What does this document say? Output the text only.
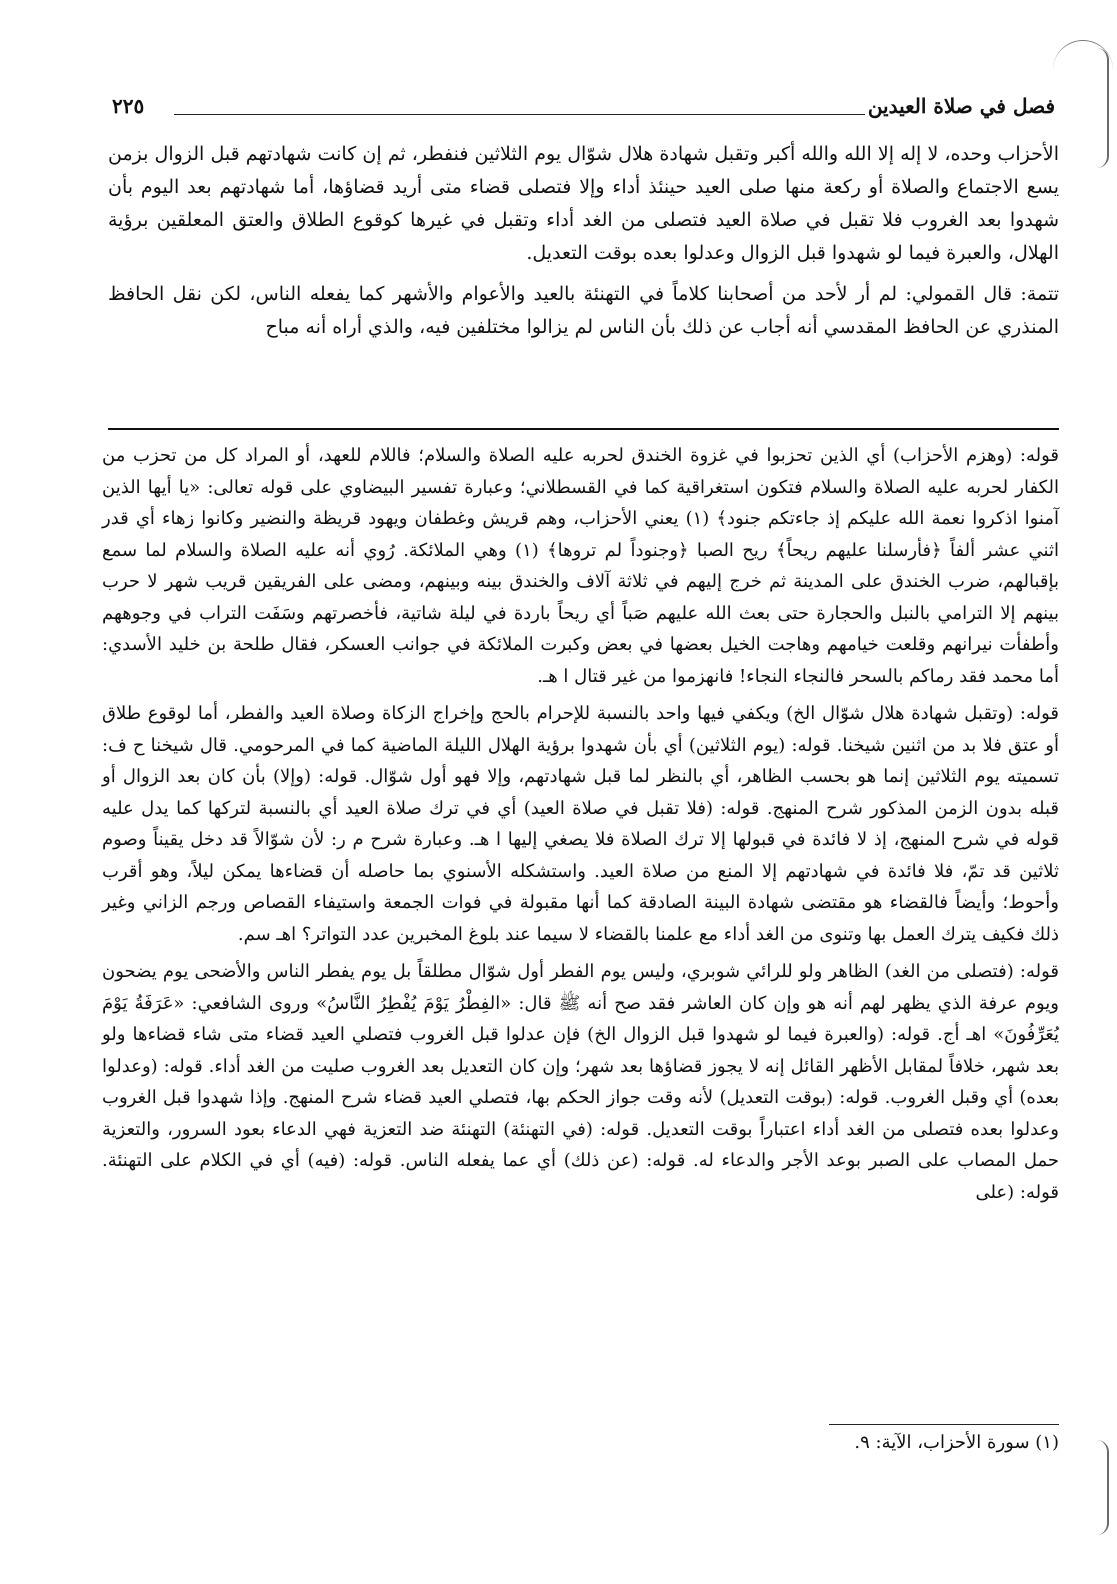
فصل في صلاة العيدين
٢٢٥

الأحزاب وحده، لا إله إلا الله والله أكبر وتقبل شهادة هلال شوّال يوم الثلاثين فنفطر، ثم إن كانت شهادتهم قبل الزوال بزمن يسع الاجتماع والصلاة أو ركعة منها صلى العيد حينئذ أداء وإلا فتصلى قضاء متى أريد قضاؤها، أما شهادتهم بعد اليوم بأن شهدوا بعد الغروب فلا تقبل في صلاة العيد فتصلى من الغد أداء وتقبل في غيرها كوقوع الطلاق والعتق المعلقين برؤية الهلال، والعبرة فيما لو شهدوا قبل الزوال وعدلوا بعده بوقت التعديل.

تتمة: قال القمولي: لم أر لأحد من أصحابنا كلاماً في التهنئة بالعيد والأعوام والأشهر كما يفعله الناس، لكن نقل الحافظ المنذري عن الحافظ المقدسي أنه أجاب عن ذلك بأن الناس لم يزالوا مختلفين فيه، والذي أراه أنه مباح

قوله: (وهزم الأحزاب) أي الذين تحزبوا في غزوة الخندق لحربه عليه الصلاة والسلام؛ فاللام للعهد، أو المراد كل من تحزب من الكفار لحربه عليه الصلاة والسلام فتكون استغراقية كما في القسطلاني؛ وعبارة تفسير البيضاوي على قوله تعالى: «يا أيها الذين آمنوا اذكروا نعمة الله عليكم إذ جاءتكم جنود﴾ (١) يعني الأحزاب، وهم قريش وغطفان ويهود قريظة والنضير وكانوا زهاء أي قدر اثني عشر ألفاً ﴿فأرسلنا عليهم ريحاً﴾ ريح الصبا ﴿وجنوداً لم تروها﴾ (١) وهي الملائكة. رُوي أنه عليه الصلاة والسلام لما سمع بإقبالهم، ضرب الخندق على المدينة ثم خرج إليهم في ثلاثة آلاف والخندق بينه وبينهم، ومضى على الفريقين قريب شهر لا حرب بينهم إلا الترامي بالنبل والحجارة حتى بعث الله عليهم صَباً أي ريحاً باردة في ليلة شاتية، فأخصرتهم وسَفَت التراب في وجوههم وأطفأت نيرانهم وقلعت خيامهم وهاجت الخيل بعضها في بعض وكبرت الملائكة في جوانب العسكر، فقال طلحة بن خليد الأسدي: أما محمد فقد رماكم بالسحر فالنجاء النجاء! فانهزموا من غير قتال ا هـ.

قوله: (وتقبل شهادة هلال شوّال الخ) ويكفي فيها واحد بالنسبة للإحرام بالحج وإخراج الزكاة وصلاة العيد والفطر، أما لوقوع طلاق أو عتق فلا بد من اثنين شيخنا. قوله: (يوم الثلاثين) أي بأن شهدوا برؤية الهلال الليلة الماضية كما في المرحومي. قال شيخنا ح ف: تسميته يوم الثلاثين إنما هو بحسب الظاهر، أي بالنظر لما قبل شهادتهم، وإلا فهو أول شوّال. قوله: (وإلا) بأن كان بعد الزوال أو قبله بدون الزمن المذكور شرح المنهج. قوله: (فلا تقبل في صلاة العيد) أي في ترك صلاة العيد أي بالنسبة لتركها كما يدل عليه قوله في شرح المنهج، إذ لا فائدة في قبولها إلا ترك الصلاة فلا يصغي إليها ا هـ. وعبارة شرح م ر: لأن شوّالاً قد دخل يقيناً وصوم ثلاثين قد تمّ، فلا فائدة في شهادتهم إلا المنع من صلاة العيد. واستشكله الأسنوي بما حاصله أن قضاءها يمكن ليلاً، وهو أقرب وأحوط؛ وأيضاً فالقضاء هو مقتضى شهادة البينة الصادقة كما أنها مقبولة في فوات الجمعة واستيفاء القصاص ورجم الزاني وغير ذلك فكيف يترك العمل بها وتنوى من الغد أداء مع علمنا بالقضاء لا سيما عند بلوغ المخبرين عدد التواتر؟ اهـ سم.

قوله: (فتصلى من الغد) الظاهر ولو للرائي شوبري، وليس يوم الفطر أول شوّال مطلقاً بل يوم يفطر الناس والأضحى يوم يضحون ويوم عرفة الذي يظهر لهم أنه هو وإن كان العاشر فقد صح أنه ﷺ قال: «الفِطْرُ يَوْمَ يُفْطِرُ النَّاسُ» وروى الشافعي: «عَرَفَةُ يَوْمَ يُعَرِّفُونَ» اهـ أج. قوله: (والعبرة فيما لو شهدوا قبل الزوال الخ) فإن عدلوا قبل الغروب فتصلي العيد قضاء متى شاء قضاءها ولو بعد شهر، خلافاً لمقابل الأظهر القائل إنه لا يجوز قضاؤها بعد شهر؛ وإن كان التعديل بعد الغروب صليت من الغد أداء. قوله: (وعدلوا بعده) أي وقبل الغروب. قوله: (بوقت التعديل) لأنه وقت جواز الحكم بها، فتصلي العيد قضاء شرح المنهج. وإذا شهدوا قبل الغروب وعدلوا بعده فتصلى من الغد أداء اعتباراً بوقت التعديل. قوله: (في التهنئة) التهنئة ضد التعزية فهي الدعاء بعود السرور، والتعزية حمل المصاب على الصبر بوعد الأجر والدعاء له. قوله: (عن ذلك) أي عما يفعله الناس. قوله: (فيه) أي في الكلام على التهنئة. قوله: (على

(١) سورة الأحزاب، الآية: ٩.
